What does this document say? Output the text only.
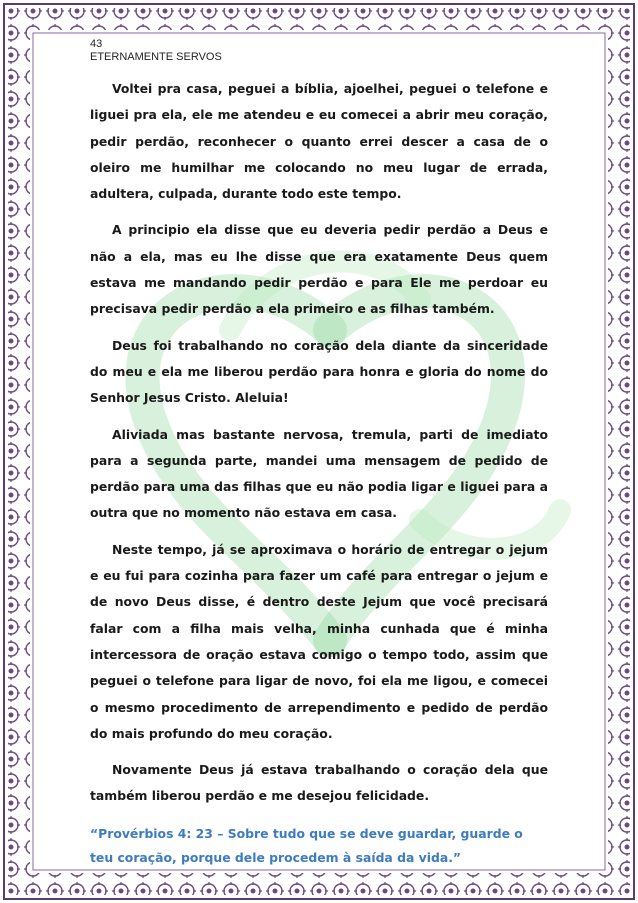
43
ETERNAMENTE SERVOS

Voltei pra casa, peguei a bíblia, ajoelhei, peguei o telefone e liguei pra ela, ele me atendeu e eu comecei a abrir meu coração, pedir perdão, reconhecer o quanto errei descer a casa de o oleiro me humilhar me colocando no meu lugar de errada, adultera, culpada, durante todo este tempo.

A principio ela disse que eu deveria pedir perdão a Deus e não a ela, mas eu lhe disse que era exatamente Deus quem estava me mandando pedir perdão e para Ele me perdoar eu precisava pedir perdão a ela primeiro e as filhas também.

Deus foi trabalhando no coração dela diante da sinceridade do meu e ela me liberou perdão para honra e gloria do nome do Senhor Jesus Cristo. Aleluia!

Aliviada mas bastante nervosa, tremula, parti de imediato para a segunda parte, mandei uma mensagem de pedido de perdão para uma das filhas que eu não podia ligar e liguei para a outra que no momento não estava em casa.

Neste tempo, já se aproximava o horário de entregar o jejum e eu fui para cozinha para fazer um café para entregar o jejum e de novo Deus disse, é dentro deste Jejum que você precisará falar com a filha mais velha, minha cunhada que é minha intercessora de oração estava comigo o tempo todo, assim que peguei o telefone para ligar de novo, foi ela me ligou, e comecei o mesmo procedimento de arrependimento e pedido de perdão do mais profundo do meu coração.

Novamente Deus já estava trabalhando o coração dela que também liberou perdão e me desejou felicidade.

“Provérbios 4: 23 – Sobre tudo que se deve guardar, guarde o teu coração, porque dele procedem à saída da vida.”
